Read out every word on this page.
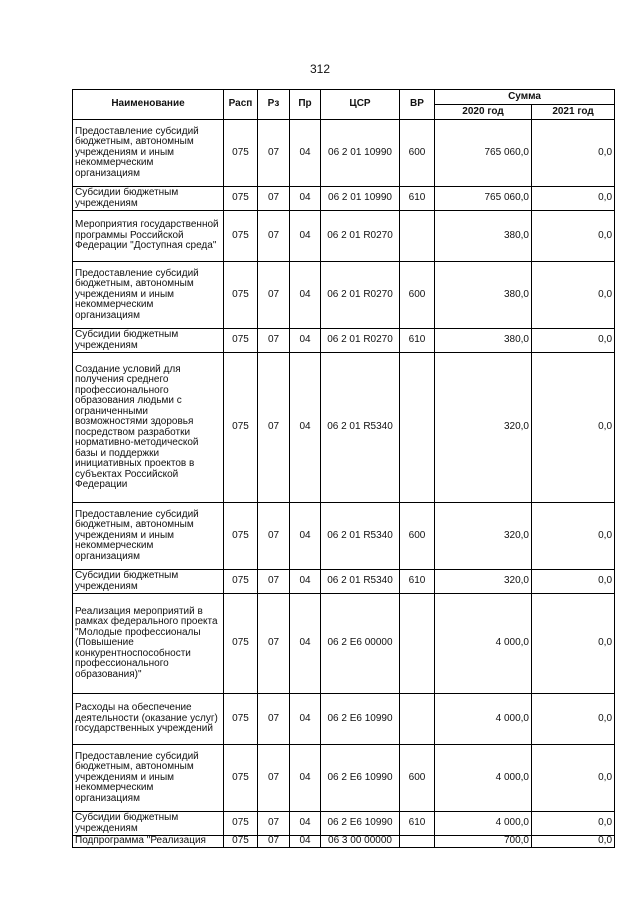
312
Наименование	Расп	Рз	Пр	ЦСР	ВР	Сумма	
						2020 год	2021 год
Предоставление субсидий бюджетным, автономным учреждениям и иным некоммерческим организациям	075	07	04	06 2 01 10990	600	765 060,0	0,0
Субсидии бюджетным учреждениям	075	07	04	06 2 01 10990	610	765 060,0	0,0
Мероприятия государственной программы Российской Федерации "Доступная среда"	075	07	04	06 2 01 R0270		380,0	0,0
Предоставление субсидий бюджетным, автономным учреждениям и иным некоммерческим организациям	075	07	04	06 2 01 R0270	600	380,0	0,0
Субсидии бюджетным учреждениям	075	07	04	06 2 01 R0270	610	380,0	0,0
Создание условий для получения среднего профессионального образования людьми с ограниченными возможностями здоровья посредством разработки нормативно-методической базы и поддержки инициативных проектов в субъектах Российской Федерации	075	07	04	06 2 01 R5340		320,0	0,0
Предоставление субсидий бюджетным, автономным учреждениям и иным некоммерческим организациям	075	07	04	06 2 01 R5340	600	320,0	0,0
Субсидии бюджетным учреждениям	075	07	04	06 2 01 R5340	610	320,0	0,0
Реализация мероприятий в рамках федерального проекта "Молодые профессионалы (Повышение конкурентноспособности профессионального образования)"	075	07	04	06 2 E6 00000		4 000,0	0,0
Расходы на обеспечение деятельности (оказание услуг) государственных учреждений	075	07	04	06 2 E6 10990		4 000,0	0,0
Предоставление субсидий бюджетным, автономным учреждениям и иным некоммерческим организациям	075	07	04	06 2 E6 10990	600	4 000,0	0,0
Субсидии бюджетным учреждениям	075	07	04	06 2 E6 10990	610	4 000,0	0,0
Подпрограмма "Реализация	075	07	04	06 3 00 00000		700,0	0,0
